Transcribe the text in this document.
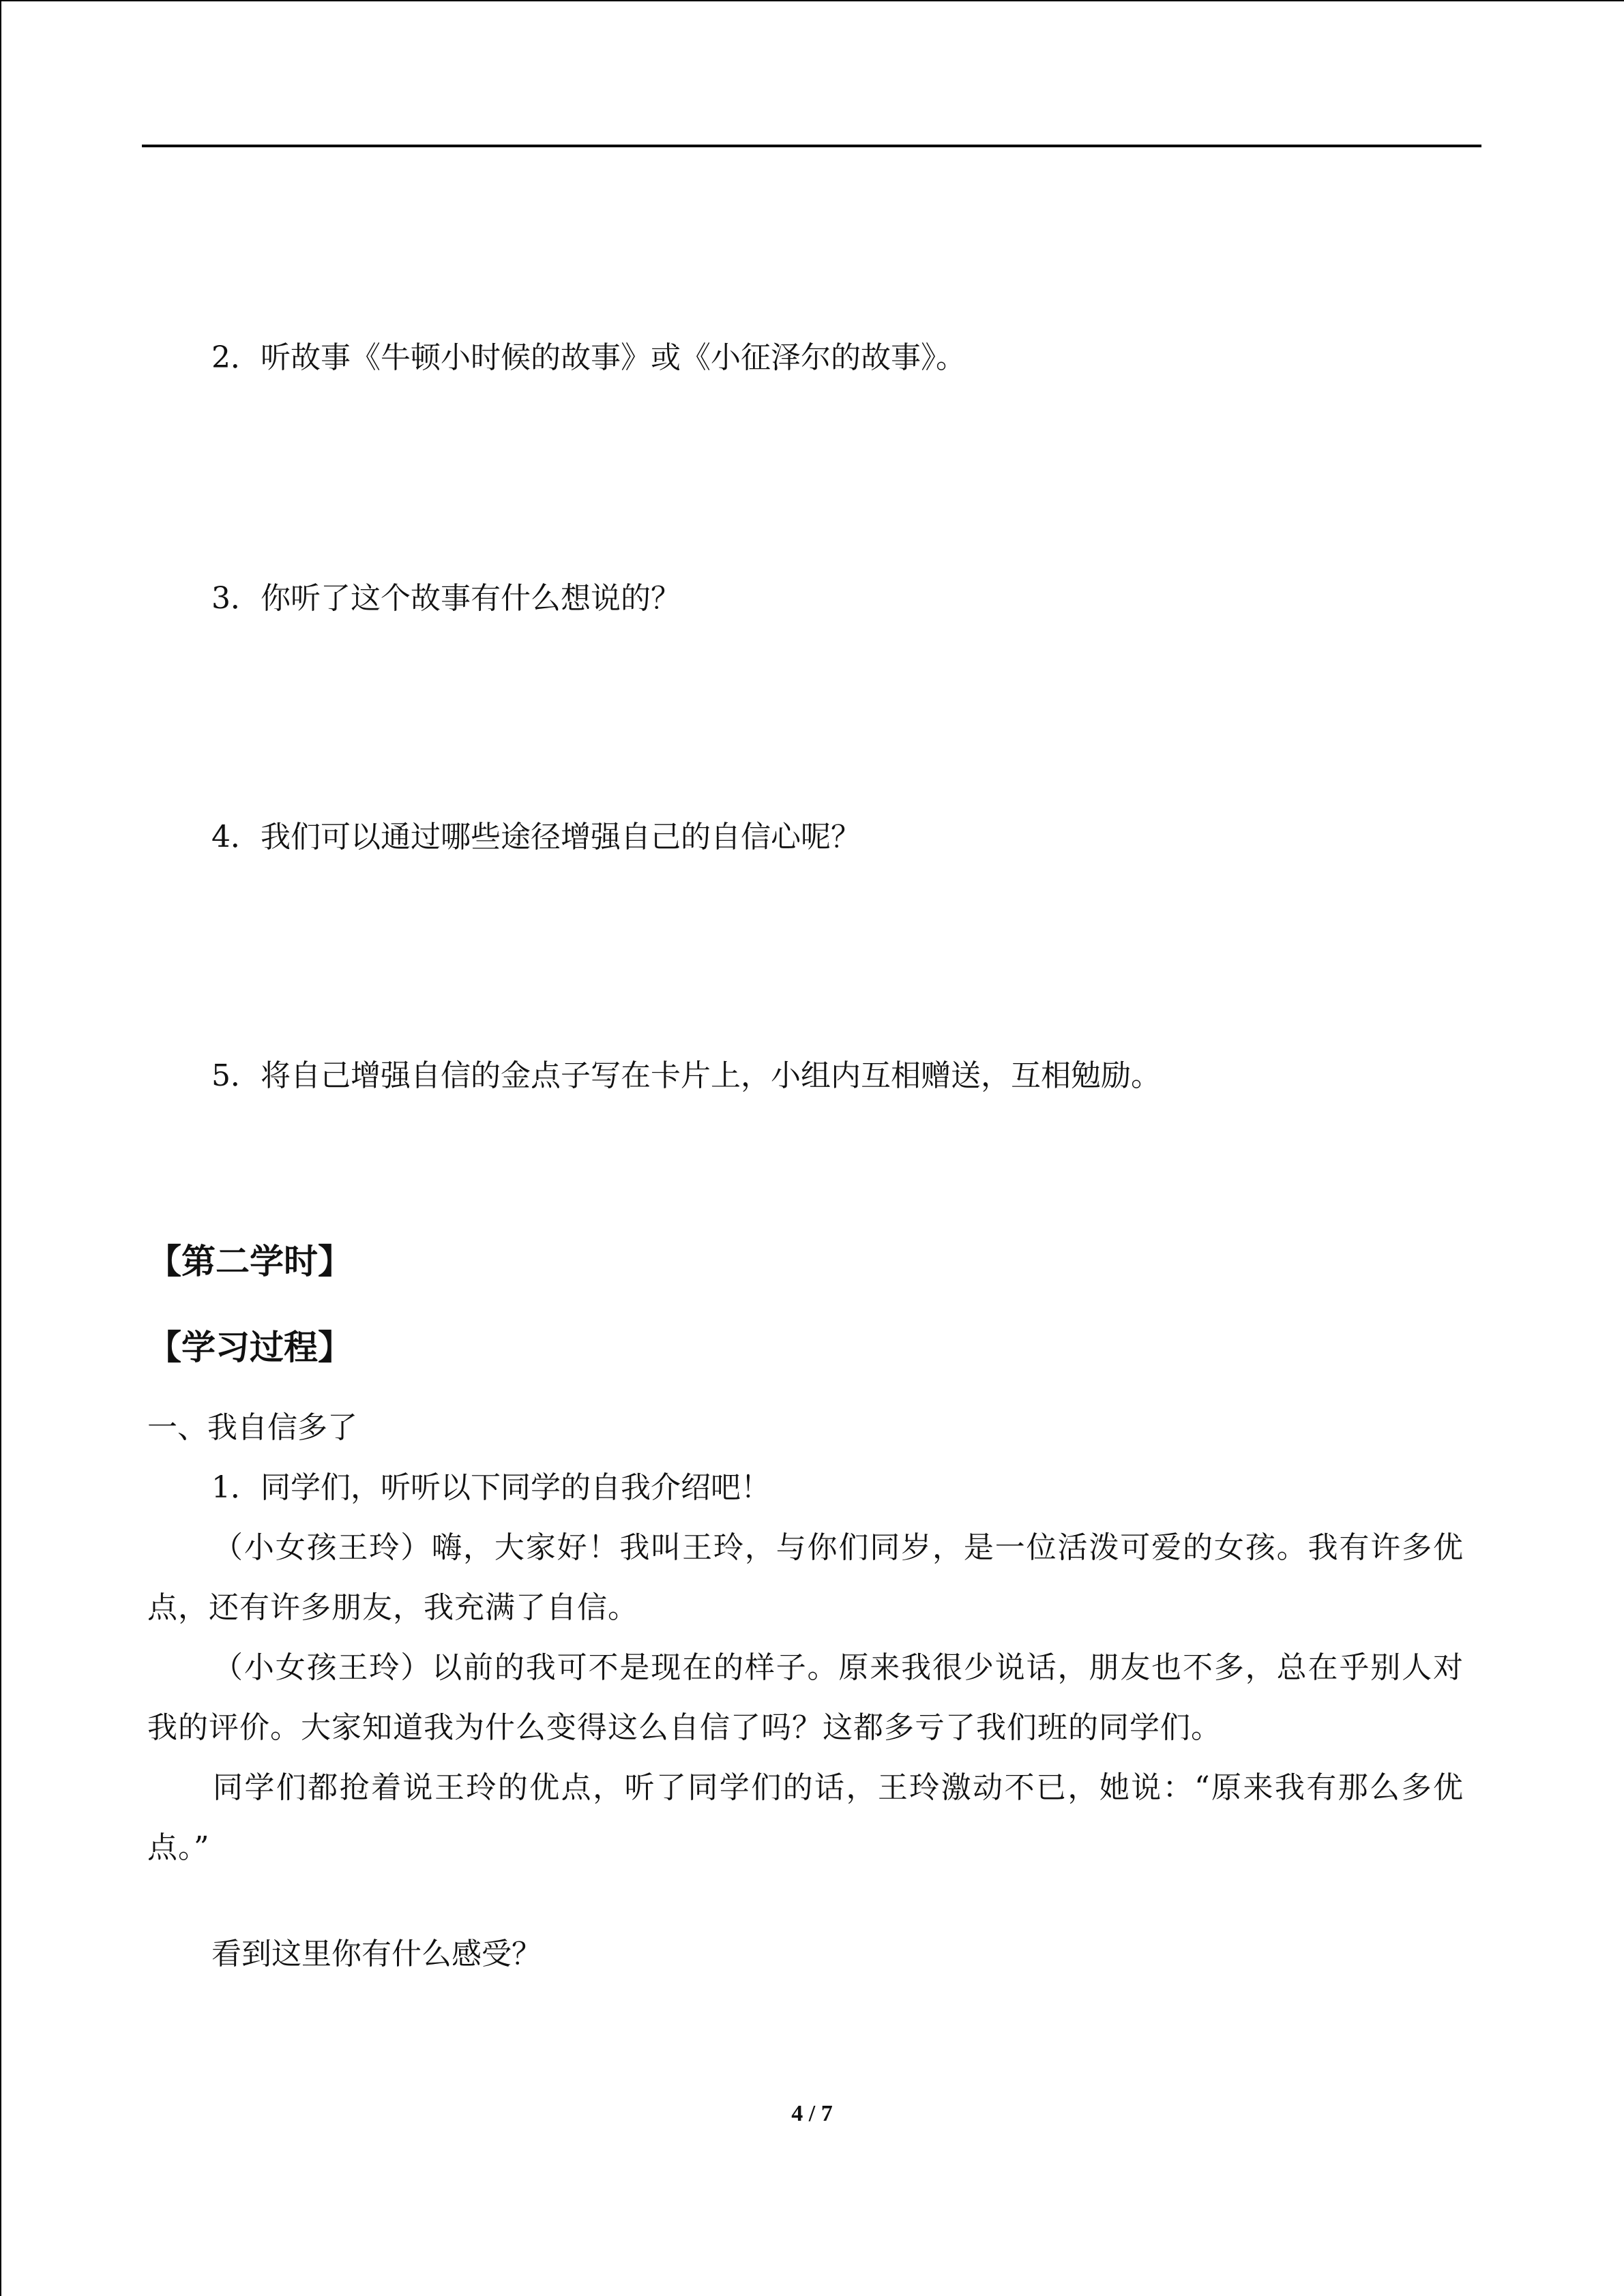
2．听故事《牛顿小时候的故事》或《小征泽尔的故事》。
3．你听了这个故事有什么想说的？
4．我们可以通过哪些途径增强自己的自信心呢？
5．将自己增强自信的金点子写在卡片上，小组内互相赠送，互相勉励。
【第二学时】
【学习过程】
一、我自信多了
1．同学们，听听以下同学的自我介绍吧！
（小女孩王玲）嗨，大家好！我叫王玲，与你们同岁，是一位活泼可爱的女孩。我有许多优点，还有许多朋友，我充满了自信。
（小女孩王玲）以前的我可不是现在的样子。原来我很少说话，朋友也不多，总在乎别人对我的评价。大家知道我为什么变得这么自信了吗？这都多亏了我们班的同学们。
同学们都抢着说王玲的优点，听了同学们的话，王玲激动不已，她说：“原来我有那么多优点。”
看到这里你有什么感受？
4 / 7
